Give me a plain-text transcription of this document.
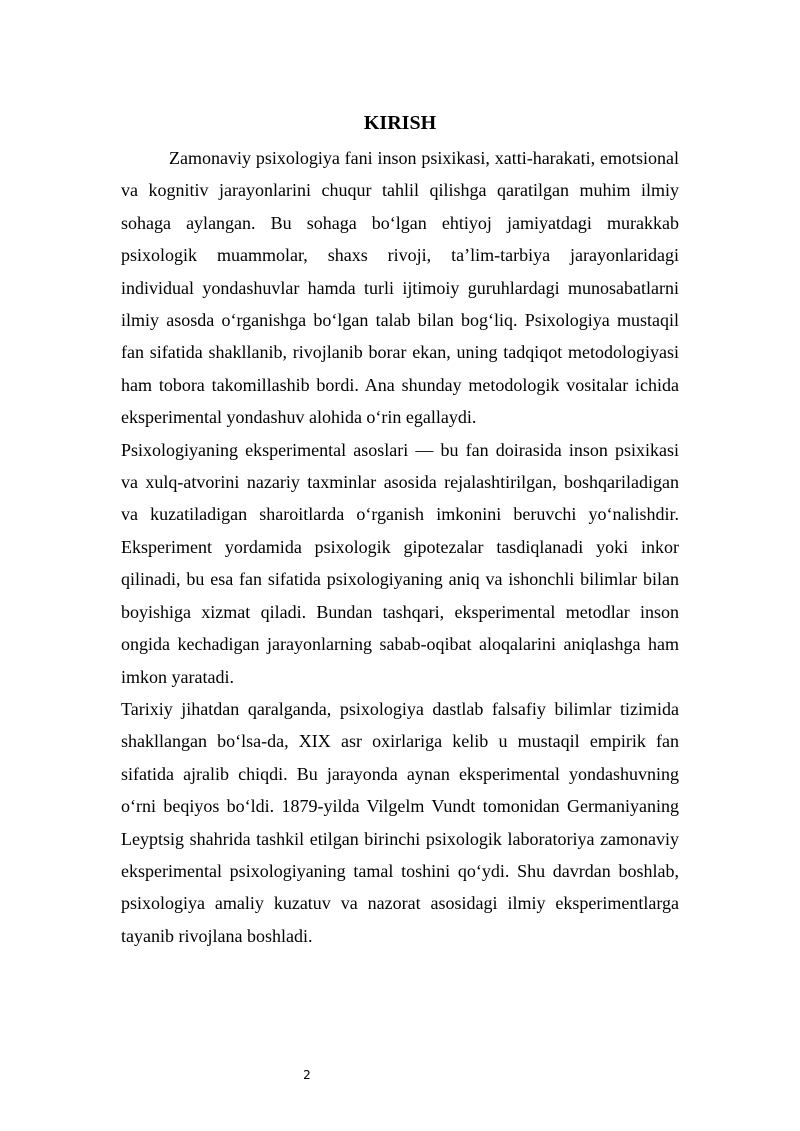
KIRISH

Zamonaviy psixologiya fani inson psixikasi, xatti-harakati, emotsional va kognitiv jarayonlarini chuqur tahlil qilishga qaratilgan muhim ilmiy sohaga aylangan. Bu sohaga bo‘lgan ehtiyoj jamiyatdagi murakkab psixologik muammolar, shaxs rivoji, ta’lim-tarbiya jarayonlaridagi individual yondashuvlar hamda turli ijtimoiy guruhlardagi munosabatlarni ilmiy asosda o‘rganishga bo‘lgan talab bilan bog‘liq. Psixologiya mustaqil fan sifatida shakllanib, rivojlanib borar ekan, uning tadqiqot metodologiyasi ham tobora takomillashib bordi. Ana shunday metodologik vositalar ichida eksperimental yondashuv alohida o‘rin egallaydi.

Psixologiyaning eksperimental asoslari — bu fan doirasida inson psixikasi va xulq-atvorini nazariy taxminlar asosida rejalashtirilgan, boshqariladigan va kuzatiladigan sharoitlarda o‘rganish imkonini beruvchi yo‘nalishdir. Eksperiment yordamida psixologik gipotezalar tasdiqlanadi yoki inkor qilinadi, bu esa fan sifatida psixologiyaning aniq va ishonchli bilimlar bilan boyishiga xizmat qiladi. Bundan tashqari, eksperimental metodlar inson ongida kechadigan jarayonlarning sabab-oqibat aloqalarini aniqlashga ham imkon yaratadi.

Tarixiy jihatdan qaralganda, psixologiya dastlab falsafiy bilimlar tizimida shakllangan bo‘lsa-da, XIX asr oxirlariga kelib u mustaqil empirik fan sifatida ajralib chiqdi. Bu jarayonda aynan eksperimental yondashuvning o‘rni beqiyos bo‘ldi. 1879-yilda Vilgelm Vundt tomonidan Germaniyaning Leyptsig shahrida tashkil etilgan birinchi psixologik laboratoriya zamonaviy eksperimental psixologiyaning tamal toshini qo‘ydi. Shu davrdan boshlab, psixologiya amaliy kuzatuv va nazorat asosidagi ilmiy eksperimentlarga tayanib rivojlana boshladi.

2
